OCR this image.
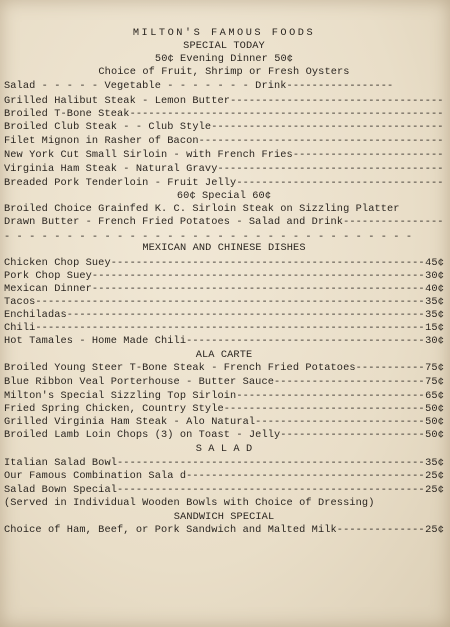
MILTON'S FAMOUS FOODS
SPECIAL TODAY
50¢ Evening Dinner 50¢
Choice of Fruit, Shrimp or Fresh Oysters
Salad - - - - - Vegetable - - - - - - - Drink-----------------
Grilled Halibut Steak - Lemon Butter
-----
Broiled T-Bone Steak
-----
Broiled Club Steak - - Club Style
-----
Filet Mignon in Rasher of Bacon
-----
New York Cut Small Sirloin - with French Fries
-----
Virginia Ham Steak - Natural Gravy
-----
Breaded Pork Tenderloin - Fruit Jelly
-----
60¢ Special 60¢
Broiled Choice Grainfed K. C. Sirloin Steak on Sizzling Platter
Drawn Butter - French Fried Potatoes - Salad and Drink
-----
- - - - - - - - - - - - - - - - - - - - - - - - - - - - - - - - -
MEXICAN AND CHINESE DISHES
Chicken Chop Suey -----	45¢
Pork Chop Suey -----	30¢
Mexican Dinner -----	40¢
Tacos -----	35¢
Enchiladas -----	35¢
Chili -----	15¢
Hot Tamales - Home Made Chili -----	30¢
ALA CARTE
Broiled Young Steer T-Bone Steak - French Fried Potatoes -----	75¢
Blue Ribbon Veal Porterhouse - Butter Sauce -----	75¢
Milton's Special Sizzling Top Sirloin -----	65¢
Fried Spring Chicken, Country Style -----	50¢
Grilled Virginia Ham Steak - Alo Natural -----	50¢
Broiled Lamb Loin Chops (3) on Toast - Jelly -----	50¢
S A L A D
Italian Salad Bowl -----	35¢
Our Famous Combination Sala d -----	25¢
Salad Bown Special -----	25¢
(Served in Individual Wooden Bowls with Choice of Dressing)
SANDWICH SPECIAL
Choice of Ham, Beef, or Pork Sandwich and Malted Milk -----	25¢
